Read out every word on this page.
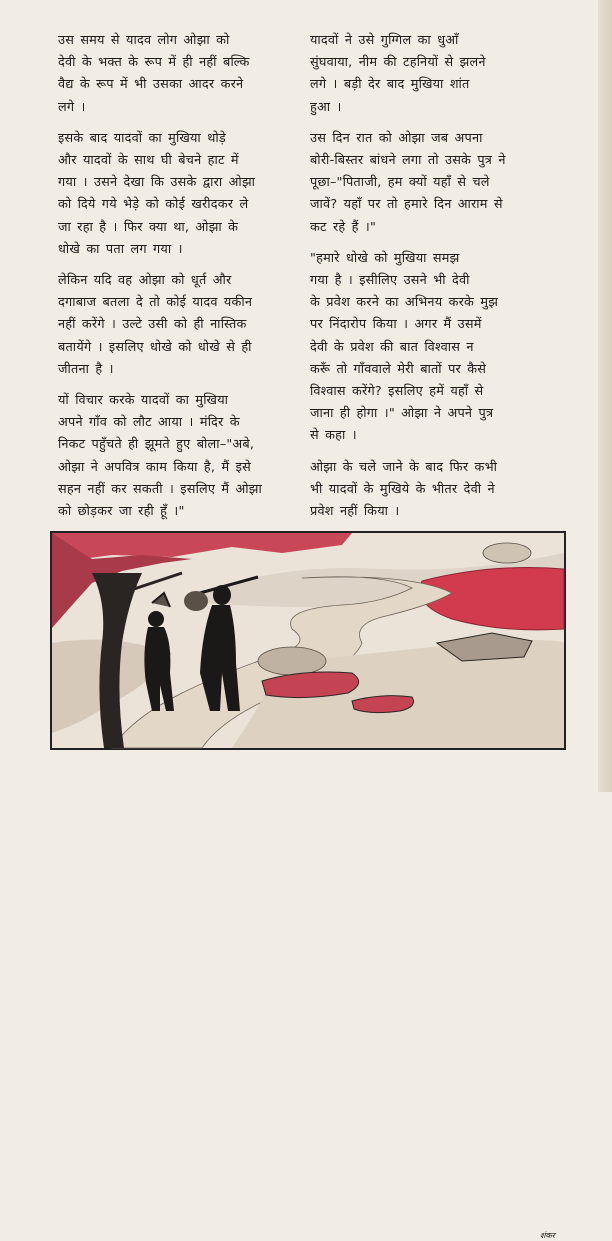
उस समय से यादव लोग ओझा को
देवी के भक्त के रूप में ही नहीं बल्कि
वैद्य के रूप में भी उसका आदर करने
लगे ।

इसके बाद यादवों का मुखिया थोड़े
और यादवों के साथ घी बेचने हाट में
गया । उसने देखा कि उसके द्वारा ओझा
को दिये गये भेड़े को कोई खरीदकर ले
जा रहा है । फिर क्या था, ओझा के
धोखे का पता लग गया ।

लेकिन यदि वह ओझा को धूर्त और
दगाबाज बतला दे तो कोई यादव यकीन
नहीं करेंगे । उल्टे उसी को ही नास्तिक
बतायेंगे । इसलिए धोखे को धोखे से ही
जीतना है ।

यों विचार करके यादवों का मुखिया
अपने गाँव को लौट आया । मंदिर के
निकट पहुँचते ही झूमते हुए बोला–"अबे,
ओझा ने अपवित्र काम किया है, मैं इसे
सहन नहीं कर सकती । इसलिए मैं ओझा
को छोड़कर जा रही हूँ ।"

यादवों ने उसे गुग्गिल का धुआँ
सुंघवाया, नीम की टहनियों से झलने
लगे । बड़ी देर बाद मुखिया शांत
हुआ ।

उस दिन रात को ओझा जब अपना
बोरी-बिस्तर बांधने लगा तो उसके पुत्र ने
पूछा–"पिताजी, हम क्यों यहाँ से चले
जावें? यहाँ पर तो हमारे दिन आराम से
कट रहे हैं ।"

"हमारे धोखे को मुखिया समझ
गया है । इसीलिए उसने भी देवी
के प्रवेश करने का अभिनय करके मुझ
पर निंदारोप किया । अगर मैं उसमें
देवी के प्रवेश की बात विश्वास न
करूँ तो गाँववाले मेरी बातों पर कैसे
विश्वास करेंगे? इसलिए हमें यहाँ से
जाना ही होगा ।" ओझा ने अपने पुत्र
से कहा ।

ओझा के चले जाने के बाद फिर कभी
भी यादवों के मुखिये के भीतर देवी ने
प्रवेश नहीं किया ।

शंकर
